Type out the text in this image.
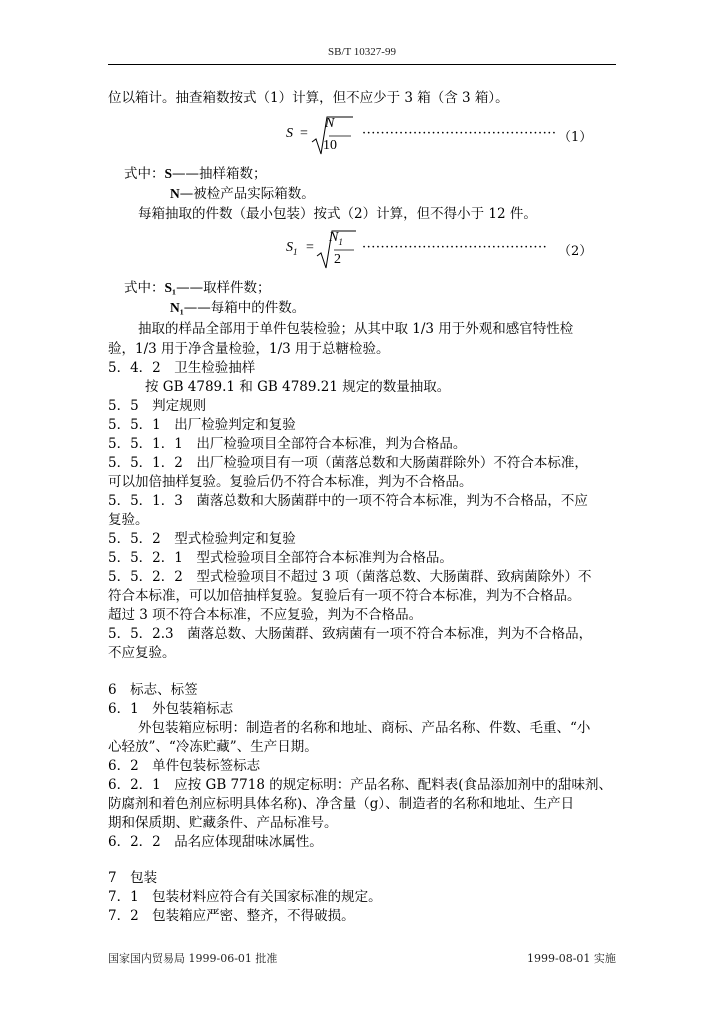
SB/T 10327-99
位以箱计。抽查箱数按式（1）计算，但不应少于 3 箱（含 3 箱）。
S =
N
10
·········································· （1）
式中：S——抽样箱数；
N—被检产品实际箱数。
每箱抽取的件数（最小包装）按式（2）计算，但不得小于 12 件。
$S_1$ =
$N_1$
2
········································ （2）
式中：S₁——取样件数；
N₁——每箱中的件数。
抽取的样品全部用于单件包装检验；从其中取 1/3 用于外观和感官特性检
验，1/3 用于净含量检验，1/3 用于总糖检验。
5．4．2　卫生检验抽样
按 GB 4789.1 和 GB 4789.21 规定的数量抽取。
5．5　判定规则
5．5．1　出厂检验判定和复验
5．5．1．1　出厂检验项目全部符合本标准，判为合格品。
5．5．1．2　出厂检验项目有一项（菌落总数和大肠菌群除外）不符合本标准，
可以加倍抽样复验。复验后仍不符合本标准，判为不合格品。
5．5．1．3　菌落总数和大肠菌群中的一项不符合本标准，判为不合格品，不应
复验。
5．5．2　型式检验判定和复验
5．5．2．1　型式检验项目全部符合本标准判为合格品。
5．5．2．2　型式检验项目不超过 3 项（菌落总数、大肠菌群、致病菌除外）不
符合本标准，可以加倍抽样复验。复验后有一项不符合本标准，判为不合格品。
超过 3 项不符合本标准，不应复验，判为不合格品。
5．5．2.3　菌落总数、大肠菌群、致病菌有一项不符合本标准，判为不合格品，
不应复验。
6　标志、标签
6．1　外包装箱标志
外包装箱应标明：制造者的名称和地址、商标、产品名称、件数、毛重、“小
心轻放”、“冷冻贮藏”、生产日期。
6．2　单件包装标签标志
6．2．1　应按 GB 7718 的规定标明：产品名称、配料表(食品添加剂中的甜味剂、
防腐剂和着色剂应标明具体名称)、净含量（g）、制造者的名称和地址、生产日
期和保质期、贮藏条件、产品标准号。
6．2．2　品名应体现甜味冰属性。
7　包装
7．1　包装材料应符合有关国家标准的规定。
7．2　包装箱应严密、整齐，不得破损。
国家国内贸易局 1999-06-01 批准	1999-08-01 实施
